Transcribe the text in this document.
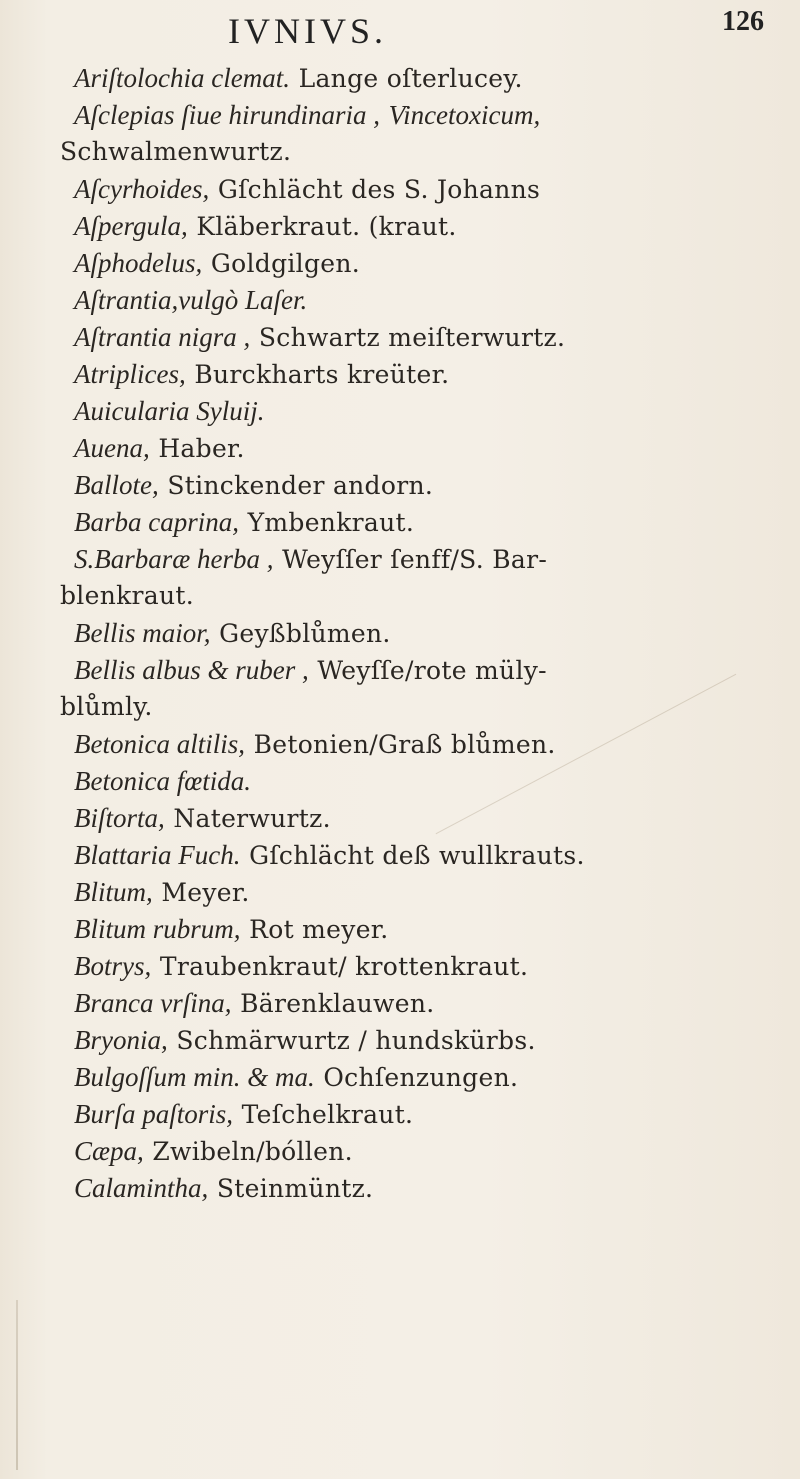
IVNIVS.	126
Ariſtolochia clemat. Lange oſterlucey.
Aſclepias ſiue hirundinaria , Vincetoxicum,
Schwalmenwurtz.
Aſcyrhoides, Gſchlächt des S. Johanns
Aſpergula, Kläberkraut. (kraut.
Aſphodelus, Goldgilgen.
Aſtrantia,vulgò Laſer.
Aſtrantia nigra , Schwartz meiſterwurtz.
Atriplices, Burckharts kreüter.
Auicularia Syluij.
Auena, Haber.
Ballote, Stinckender andorn.
Barba caprina, Ymbenkraut.
S.Barbaræ herba , Weyſſer ſenff/S. Bar-
blenkraut.
Bellis maior, Geyßblůmen.
Bellis albus & ruber , Weyſſe/rote müly-
blůmly.
Betonica altilis, Betonien/Graß blůmen.
Betonica fœtida.
Biſtorta, Naterwurtz.
Blattaria Fuch. Gſchlächt deß wullkrauts.
Blitum, Meyer.
Blitum rubrum, Rot meyer.
Botrys, Traubenkraut/ krottenkraut.
Branca vrſina, Bärenklauwen.
Bryonia, Schmärwurtz / hundskürbs.
Bulgoſſum min. & ma. Ochſenzungen.
Burſa paſtoris, Teſchelkraut.
Cæpa, Zwibeln/bóllen.
Calamintha, Steinmüntz.
